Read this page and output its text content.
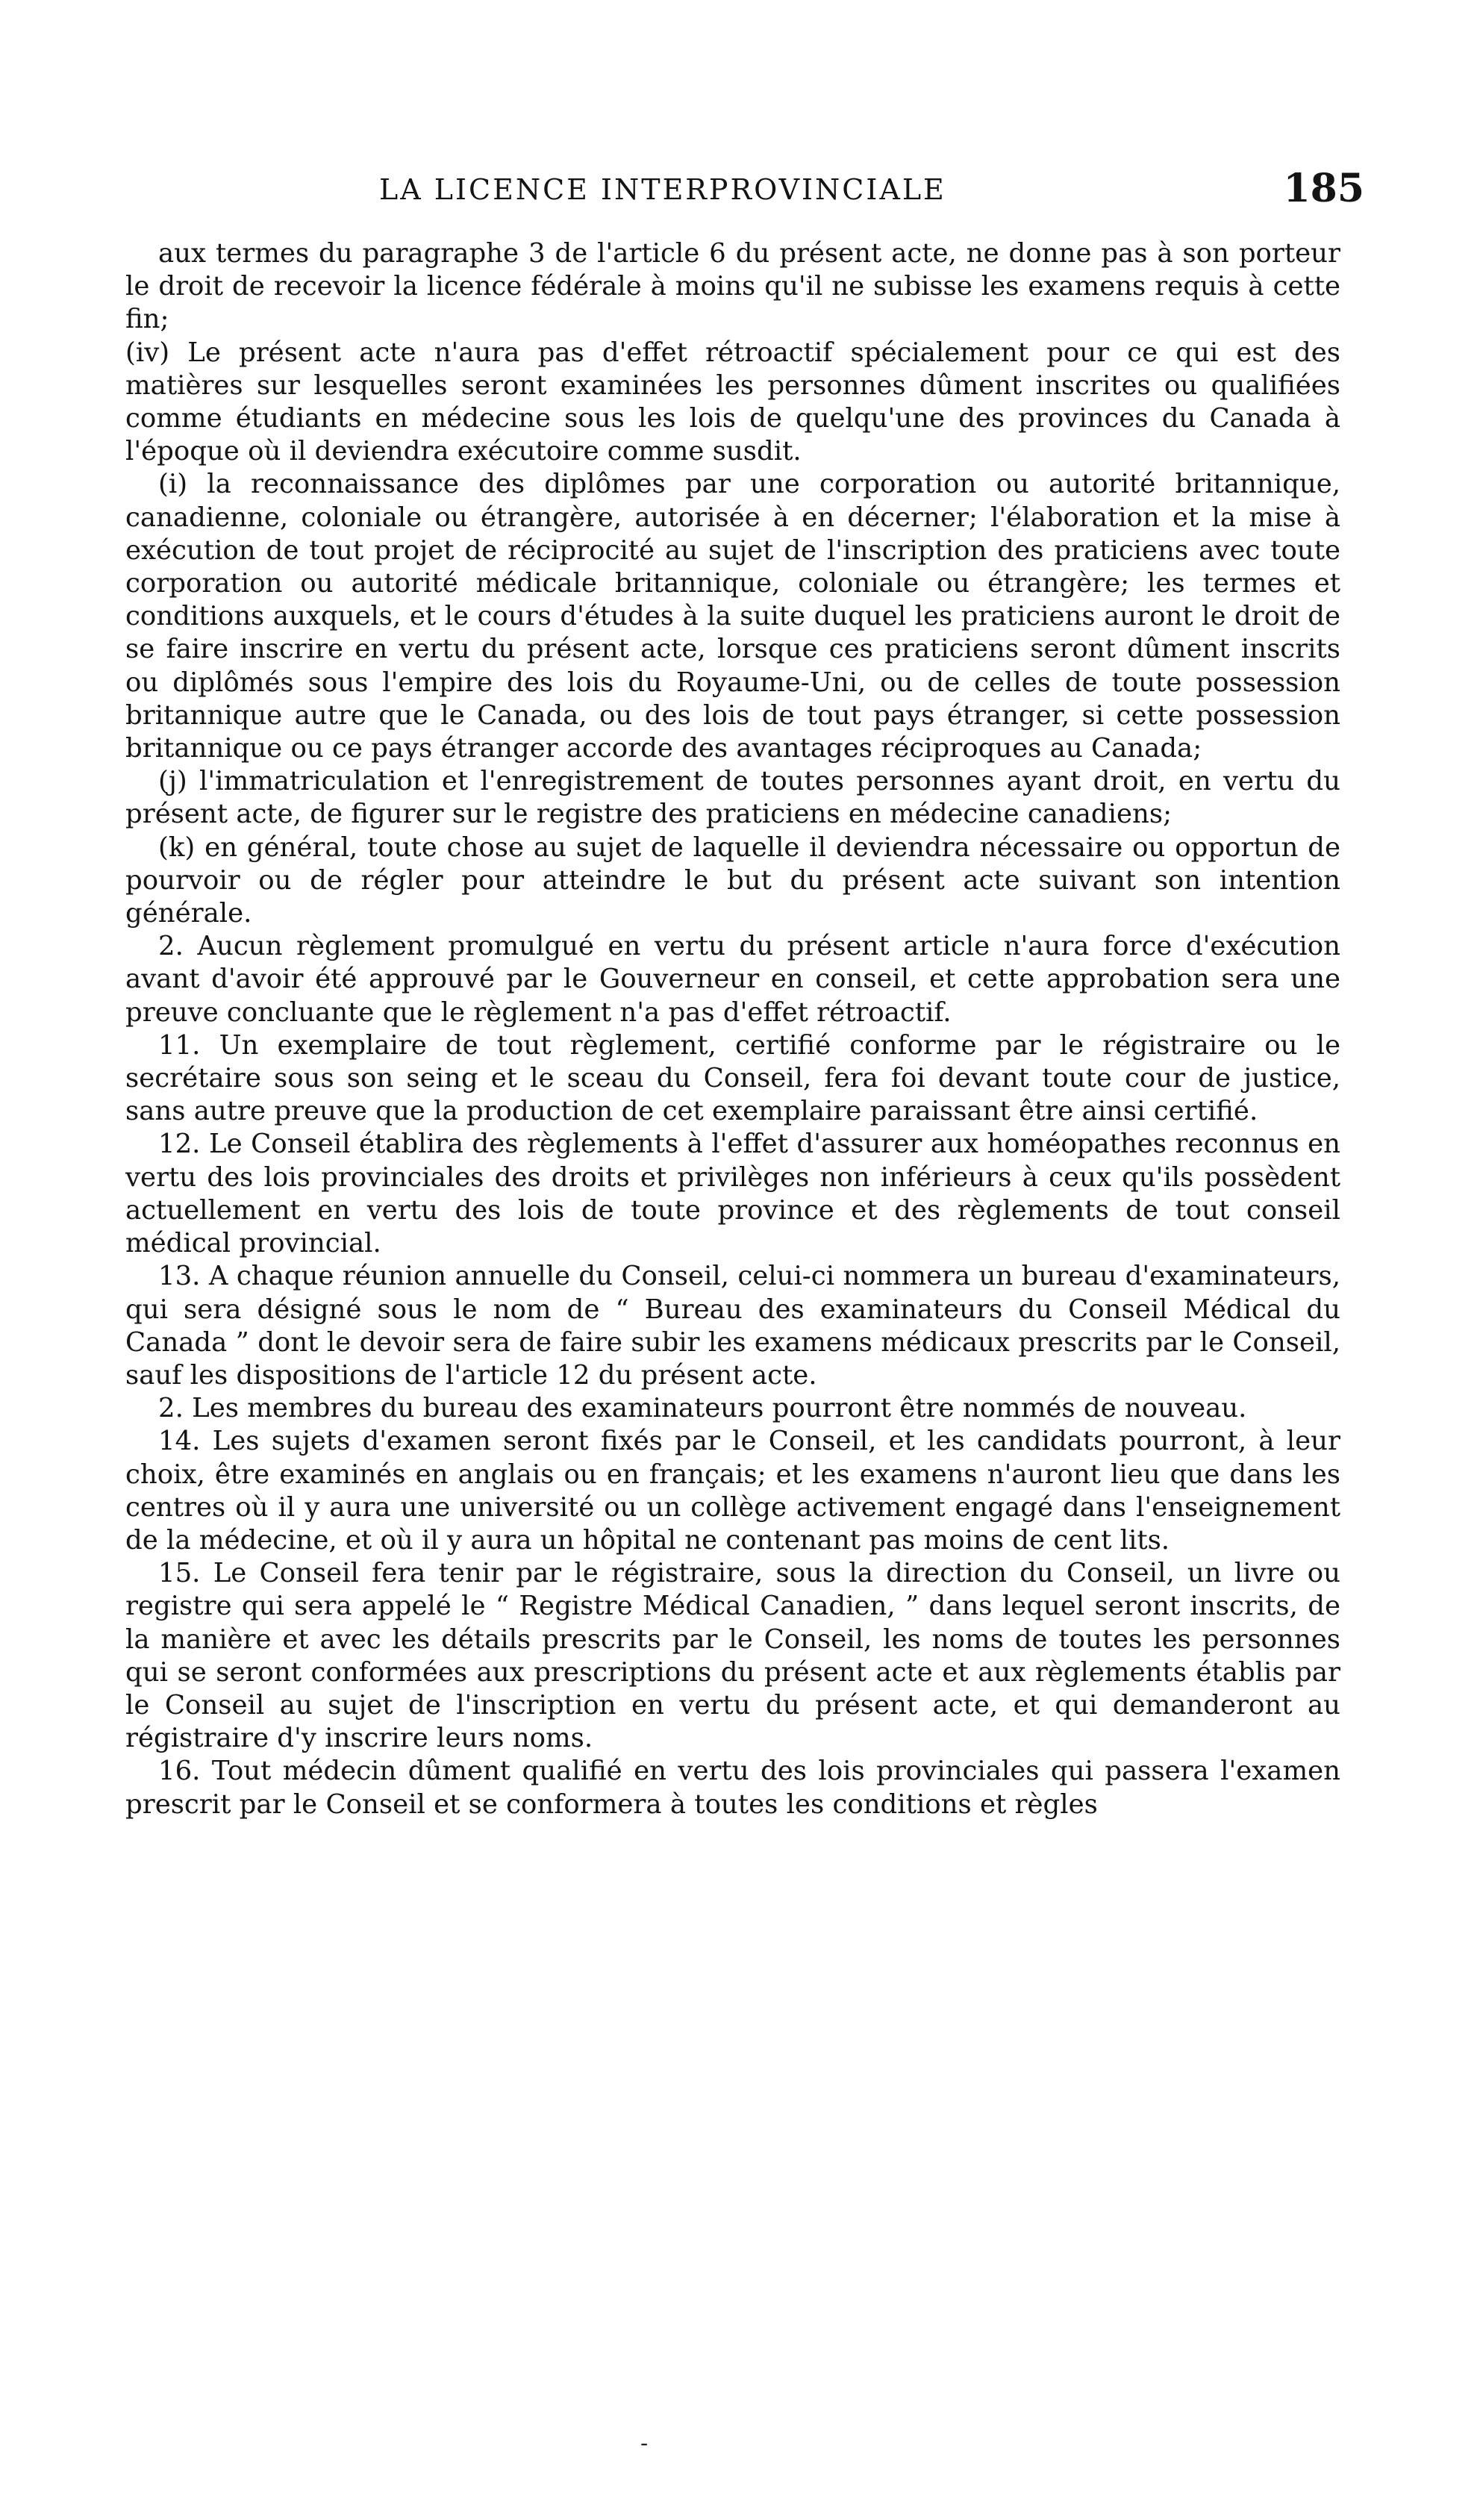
LA LICENCE INTERPROVINCIALE	185

aux termes du paragraphe 3 de l'article 6 du présent acte, ne donne pas à son porteur le droit de recevoir la licence fédérale à moins qu'il ne subisse les examens requis à cette fin;

(iv) Le présent acte n'aura pas d'effet rétroactif spécialement pour ce qui est des matières sur lesquelles seront examinées les personnes dûment inscrites ou qualifiées comme étudiants en médecine sous les lois de quelqu'une des provinces du Canada à l'époque où il deviendra exécutoire comme susdit.

(i) la reconnaissance des diplômes par une corporation ou autorité britannique, canadienne, coloniale ou étrangère, autorisée à en décerner; l'élaboration et la mise à exécution de tout projet de réciprocité au sujet de l'inscription des praticiens avec toute corporation ou autorité médicale britannique, coloniale ou étrangère; les termes et conditions auxquels, et le cours d'études à la suite duquel les praticiens auront le droit de se faire inscrire en vertu du présent acte, lorsque ces praticiens seront dûment inscrits ou diplômés sous l'empire des lois du Royaume-Uni, ou de celles de toute possession britannique autre que le Canada, ou des lois de tout pays étranger, si cette possession britannique ou ce pays étranger accorde des avantages réciproques au Canada;

(j) l'immatriculation et l'enregistrement de toutes personnes ayant droit, en vertu du présent acte, de figurer sur le registre des praticiens en médecine canadiens;

(k) en général, toute chose au sujet de laquelle il deviendra nécessaire ou opportun de pourvoir ou de régler pour atteindre le but du présent acte suivant son intention générale.

2. Aucun règlement promulgué en vertu du présent article n'aura force d'exécution avant d'avoir été approuvé par le Gouverneur en conseil, et cette approbation sera une preuve concluante que le règlement n'a pas d'effet rétroactif.

11. Un exemplaire de tout règlement, certifié conforme par le régistraire ou le secrétaire sous son seing et le sceau du Conseil, fera foi devant toute cour de justice, sans autre preuve que la production de cet exemplaire paraissant être ainsi certifié.

12. Le Conseil établira des règlements à l'effet d'assurer aux homéopathes reconnus en vertu des lois provinciales des droits et privilèges non inférieurs à ceux qu'ils possèdent actuellement en vertu des lois de toute province et des règlements de tout conseil médical provincial.

13. A chaque réunion annuelle du Conseil, celui-ci nommera un bureau d'examinateurs, qui sera désigné sous le nom de “ Bureau des examinateurs du Conseil Médical du Canada ” dont le devoir sera de faire subir les examens médicaux prescrits par le Conseil, sauf les dispositions de l'article 12 du présent acte.

2. Les membres du bureau des examinateurs pourront être nommés de nouveau.

14. Les sujets d'examen seront fixés par le Conseil, et les candidats pourront, à leur choix, être examinés en anglais ou en français; et les examens n'auront lieu que dans les centres où il y aura une université ou un collège activement engagé dans l'enseignement de la médecine, et où il y aura un hôpital ne contenant pas moins de cent lits.

15. Le Conseil fera tenir par le régistraire, sous la direction du Conseil, un livre ou registre qui sera appelé le “ Registre Médical Canadien, ” dans lequel seront inscrits, de la manière et avec les détails prescrits par le Conseil, les noms de toutes les personnes qui se seront conformées aux prescriptions du présent acte et aux règlements établis par le Conseil au sujet de l'inscription en vertu du présent acte, et qui demanderont au régistraire d'y inscrire leurs noms.

16. Tout médecin dûment qualifié en vertu des lois provinciales qui passera l'examen prescrit par le Conseil et se conformera à toutes les conditions et règles

-
